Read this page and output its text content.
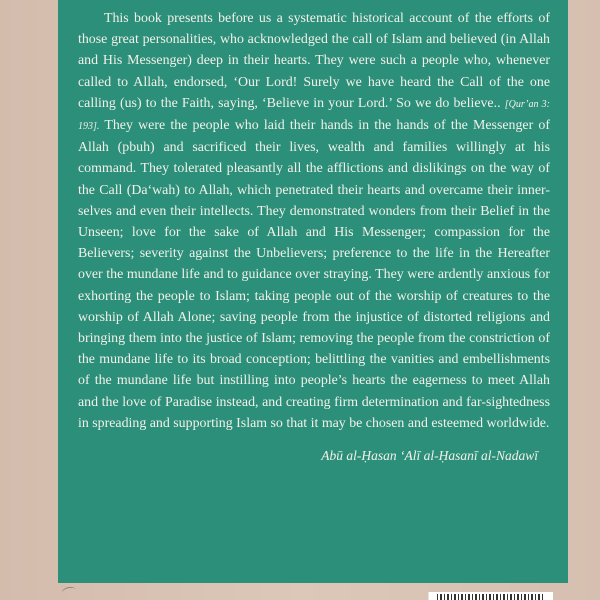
This book presents before us a systematic historical account of the efforts of those great personalities, who acknowledged the call of Islam and believed (in Allah and His Messenger) deep in their hearts. They were such a people who, whenever called to Allah, endorsed, ‘Our Lord! Surely we have heard the Call of the one calling (us) to the Faith, saying, ‘Believe in your Lord.’ So we do believe.. [Qur’an 3: 193]. They were the people who laid their hands in the hands of the Messenger of Allah (pbuh) and sacrificed their lives, wealth and families willingly at his command. They tolerated pleasantly all the afflictions and dislikings on the way of the Call (Da‘wah) to Allah, which penetrated their hearts and overcame their inner-selves and even their intellects. They demonstrated wonders from their Belief in the Unseen; love for the sake of Allah and His Messenger; compassion for the Believers; severity against the Unbelievers; preference to the life in the Hereafter over the mundane life and to guidance over straying. They were ardently anxious for exhorting the people to Islam; taking people out of the worship of creatures to the worship of Allah Alone; saving people from the injustice of distorted religions and bringing them into the justice of Islam; removing the people from the constriction of the mundane life to its broad conception; belittling the vanities and embellishments of the mundane life but instilling into people’s hearts the eagerness to meet Allah and the love of Paradise instead, and creating firm determination and far-sightedness in spreading and supporting Islam so that it may be chosen and esteemed worldwide.

Abū al-Ḥasan ‘Alī al-Ḥasanī al-Nadawī
